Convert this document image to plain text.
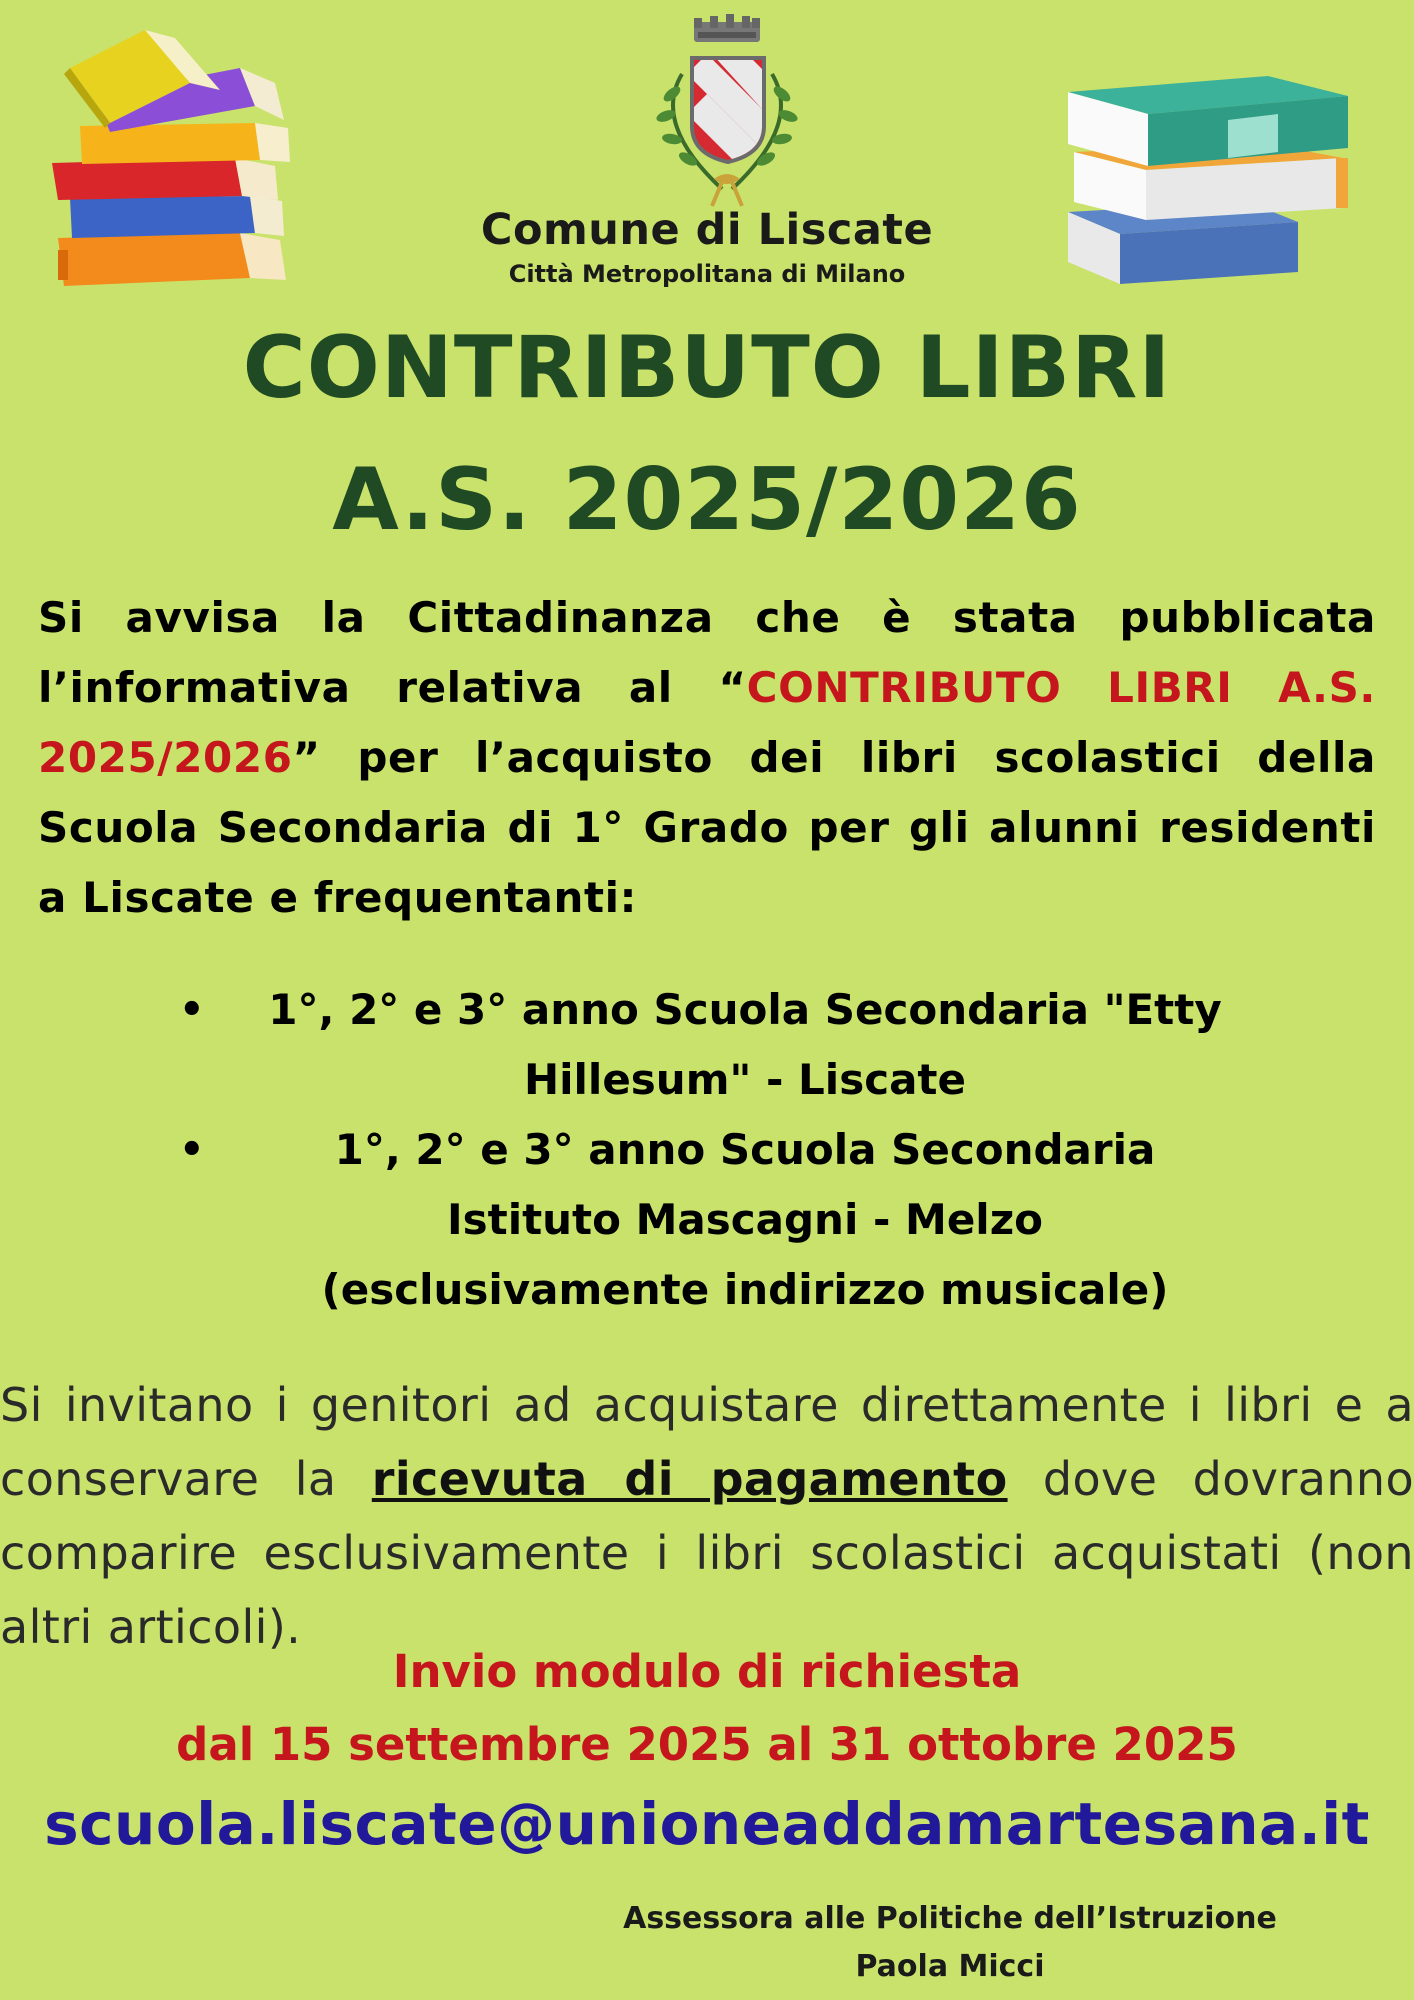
Comune di Liscate
Città Metropolitana di Milano
CONTRIBUTO LIBRI
A.S. 2025/2026
Si avvisa la Cittadinanza che è stata pubblicata l’informativa relativa al “CONTRIBUTO LIBRI A.S. 2025/2026” per l’acquisto dei libri scolastici della Scuola Secondaria di 1° Grado per gli alunni residenti a Liscate e frequentanti:
•	1°, 2° e 3° anno Scuola Secondaria "Etty
Hillesum" - Liscate
•	1°, 2° e 3° anno Scuola Secondaria
Istituto Mascagni - Melzo
(esclusivamente indirizzo musicale)
Si invitano i genitori ad acquistare direttamente i libri e a conservare la ricevuta di pagamento dove dovranno comparire esclusivamente i libri scolastici acquistati (non altri articoli).
Invio modulo di richiesta
dal 15 settembre 2025 al 31 ottobre 2025
scuola.liscate@unioneaddamartesana.it
Assessora alle Politiche dell’Istruzione
Paola Micci
